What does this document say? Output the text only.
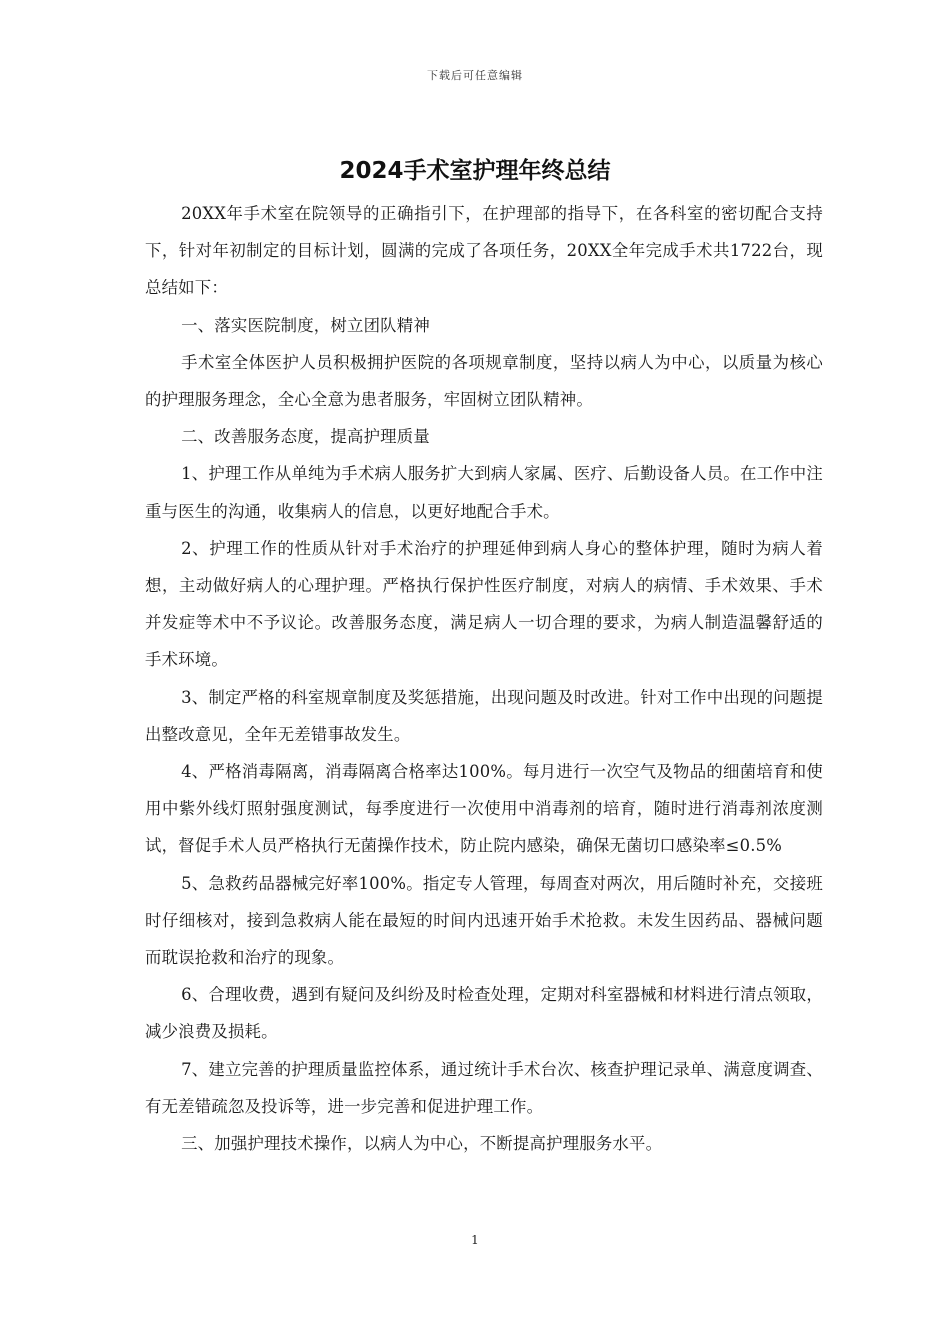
下载后可任意编辑
2024手术室护理年终总结

20XX年手术室在院领导的正确指引下，在护理部的指导下，在各科室的密切配合支持下，针对年初制定的目标计划，圆满的完成了各项任务，20XX全年完成手术共1722台，现总结如下：

一、落实医院制度，树立团队精神

手术室全体医护人员积极拥护医院的各项规章制度，坚持以病人为中心，以质量为核心的护理服务理念，全心全意为患者服务，牢固树立团队精神。

二、改善服务态度，提高护理质量

1、护理工作从单纯为手术病人服务扩大到病人家属、医疗、后勤设备人员。在工作中注重与医生的沟通，收集病人的信息，以更好地配合手术。

2、护理工作的性质从针对手术治疗的护理延伸到病人身心的整体护理，随时为病人着想，主动做好病人的心理护理。严格执行保护性医疗制度，对病人的病情、手术效果、手术并发症等术中不予议论。改善服务态度，满足病人一切合理的要求，为病人制造温馨舒适的手术环境。

3、制定严格的科室规章制度及奖惩措施，出现问题及时改进。针对工作中出现的问题提出整改意见，全年无差错事故发生。

4、严格消毒隔离，消毒隔离合格率达100%。每月进行一次空气及物品的细菌培育和使用中紫外线灯照射强度测试，每季度进行一次使用中消毒剂的培育，随时进行消毒剂浓度测试，督促手术人员严格执行无菌操作技术，防止院内感染，确保无菌切口感染率≤0.5%

5、急救药品器械完好率100%。指定专人管理，每周查对两次，用后随时补充，交接班时仔细核对，接到急救病人能在最短的时间内迅速开始手术抢救。未发生因药品、器械问题而耽误抢救和治疗的现象。

6、合理收费，遇到有疑问及纠纷及时检查处理，定期对科室器械和材料进行清点领取，减少浪费及损耗。

7、建立完善的护理质量监控体系，通过统计手术台次、核查护理记录单、满意度调查、有无差错疏忽及投诉等，进一步完善和促进护理工作。

三、加强护理技术操作，以病人为中心，不断提高护理服务水平。

1
